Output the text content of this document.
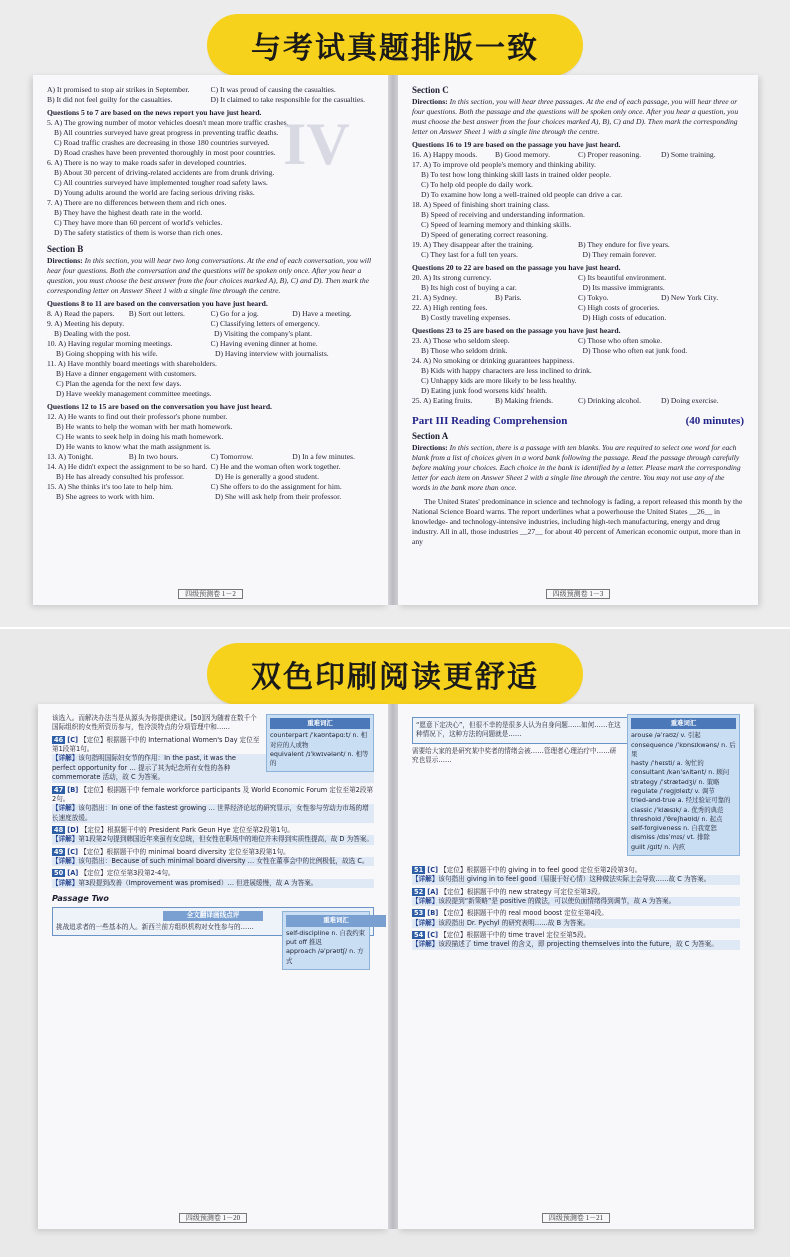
与考试真题排版一致
IV
A) It promised to stop air strikes in September.	C) It was proud of causing the casualties.
B) It did not feel guilty for the casualties.	D) It claimed to take responsible for the casualties.
Questions 5 to 7 are based on the news report you have just heard.
5. A) The growing number of motor vehicles doesn't mean more traffic crashes.
B) All countries surveyed have great progress in preventing traffic deaths.
C) Road traffic crashes are decreasing in those 180 countries surveyed.
D) Road crashes have been prevented thoroughly in most poor countries.
6. A) There is no way to make roads safer in developed countries.
B) About 30 percent of driving-related accidents are from drunk driving.
C) All countries surveyed have implemented tougher road safety laws.
D) Young adults around the world are facing serious driving risks.
7. A) There are no differences between them and rich ones.
B) They have the highest death rate in the world.
C) They have more than 60 percent of world's vehicles.
D) The safety statistics of them is worse than rich ones.
Section B
Directions: In this section, you will hear two long conversations. At the end of each conversation, you will hear four questions. Both the conversation and the questions will be spoken only once. After you hear a question, you must choose the best answer from the four choices marked A), B), C) and D). Then mark the corresponding letter on Answer Sheet 1 with a single line through the centre.
Questions 8 to 11 are based on the conversation you have just heard.
8. A) Read the papers.	B) Sort out letters.	C) Go for a jog.	D) Have a meeting.
9. A) Meeting his deputy.	C) Classifying letters of emergency.
B) Dealing with the post.	D) Visiting the company's plant.
10. A) Having regular morning meetings.	C) Having evening dinner at home.
B) Going shopping with his wife.	D) Having interview with journalists.
11. A) Have monthly board meetings with shareholders.
B) Have a dinner engagement with customers.
C) Plan the agenda for the next few days.
D) Have weekly management committee meetings.
Questions 12 to 15 are based on the conversation you have just heard.
12. A) He wants to find out their professor's phone number.
B) He wants to help the woman with her math homework.
C) He wants to seek help in doing his math homework.
D) He wants to know what the math assignment is.
13. A) Tonight.	B) In two hours.	C) Tomorrow.	D) In a few minutes.
14. A) He didn't expect the assignment to be so hard. C) He and the woman often work together.
B) He has already consulted his professor.	D) He is generally a good student.
15. A) She thinks it's too late to help him.	C) She offers to do the assignment for him.
B) She agrees to work with him.	D) She will ask help from their professor.
四级预测卷 1－2
Section C
Directions: In this section, you will hear three passages. At the end of each passage, you will hear three or four questions. Both the passage and the questions will be spoken only once. After you hear a question, you must choose the best answer from the four choices marked A), B), C) and D). Then mark the corresponding letter on Answer Sheet 1 with a single line through the centre.
Questions 16 to 19 are based on the passage you have just heard.
16. A) Happy moods.	B) Good memory.	C) Proper reasoning.	D) Some training.
17. A) To improve old people's memory and thinking ability.
B) To test how long thinking skill lasts in trained older people.
C) To help old people do daily work.
D) To examine how long a well-trained old people can drive a car.
18. A) Speed of finishing short training class.
B) Speed of receiving and understanding information.
C) Speed of learning memory and thinking skills.
D) Speed of generating correct reasoning.
19. A) They disappear after the training.	B) They endure for five years.
C) They last for a full ten years.	D) They remain forever.
Questions 20 to 22 are based on the passage you have just heard.
20. A) Its strong currency.	C) Its beautiful environment.
B) Its high cost of buying a car.	D) Its massive immigrants.
21. A) Sydney.	B) Paris.	C) Tokyo.	D) New York City.
22. A) High renting fees.	C) High costs of groceries.
B) Costly traveling expenses.	D) High costs of education.
Questions 23 to 25 are based on the passage you have just heard.
23. A) Those who seldom sleep.	C) Those who often smoke.
B) Those who seldom drink.	D) Those who often eat junk food.
24. A) No smoking or drinking guarantees happiness.
B) Kids with happy characters are less inclined to drink.
C) Unhappy kids are more likely to be less healthy.
D) Eating junk food worsens kids' health.
25. A) Eating fruits.	B) Making friends.	C) Drinking alcohol.	D) Doing exercise.
Part III Reading Comprehension	(40 minutes)
Section A
Directions: In this section, there is a passage with ten blanks. You are required to select one word for each blank from a list of choices given in a word bank following the passage. Read the passage through carefully before making your choices. Each choice in the bank is identified by a letter. Please mark the corresponding letter for each item on Answer Sheet 2 with a single line through the centre. You may not use any of the words in the bank more than once.
The United States' predominance in science and technology is fading, a report released this month by the National Science Board warns. The report underlines what a powerhouse the United States __26__ in knowledge- and technology-intensive industries, including high-tech manufacturing, energy and drug industry. All in all, those industries __27__ for about 40 percent of American economic output, more than in any
四级预测卷 1－3
双色印刷阅读更舒适
重难词汇
counterpart /ˈkaʊntəpɑːt/ n. 相对应的人或物
equivalent /ɪˈkwɪvələnt/ n. 相等的
该选入。而解决办法当是从源头为你提供建议。[50]因为随着在数千个国际组织的女性所资历参与，性冷淡特点的分项管理中和……
46 [C] 【定位】根据题干中的 International Women's Day 定位至第1段第1句。
【详解】该句指明国际妇女节的作用：In the past, it was the perfect opportunity for … 提示了其为纪念所有女性的各种 commemorate 活动，故 C 为答案。
47 [B] 【定位】根据题干中 female workforce participants 及 World Economic Forum 定位至第2段第2句。
【详解】该句指出：In one of the fastest growing … 世界经济论坛的研究显示，女性参与劳动力市场的增长速度放缓。
48 [D] 【定位】根据题干中的 President Park Geun Hye 定位至第2段第1句。
【详解】第1段第2句提到韩国近年来虽有女总统，但女性在职场中的地位并未得到实质性提高，故 D 为答案。
49 [C] 【定位】根据题干中的 minimal board diversity 定位至第3段第1句。
【详解】该句指出：Because of such minimal board diversity … 女性在董事会中的比例极低，故选 C。
50 [A] 【定位】定位至第3段第2-4句。
【详解】第3段提到改善（Improvement was promised）… 但进展缓慢，故 A 为答案。
Passage Two
重难词汇
self-discipline n. 自我约束
put off 推迟
approach /əˈprəʊtʃ/ n. 方式
全文翻译画线点评
挑战追求者的一些基本的人。新西兰前方组织机构对女性参与的……
四级预测卷 1－20
重难词汇
arouse /əˈraʊz/ v. 引起
consequence /ˈkɒnsɪkwəns/ n. 后果
hasty /ˈheɪsti/ a. 匆忙的
consultant /kənˈsʌltənt/ n. 顾问
strategy /ˈstrætədʒi/ n. 策略
regulate /ˈregjʊleɪt/ v. 调节
tried-and-true a. 经过验证可靠的
classic /ˈklæsɪk/ a. 优秀的典范
threshold /ˈθreʃhəʊld/ n. 起点
self-forgiveness n. 自我宽恕
dismiss /dɪsˈmɪs/ vt. 排除
guilt /ɡɪlt/ n. 内疚
“愿意下定决心”，但很不幸的是很多人认为自身问题……如何……在这种情况下，这种方法的问题就是……
需要给大家的是研究某中奖者的情绪会被……管理者心理治疗中……研究也显示……
51 [C] 【定位】根据题干中的 giving in to feel good 定位至第2段第3句。
【详解】该句指出 giving in to feel good（屈服于好心情）这种做法实际上会导致……故 C 为答案。
52 [A] 【定位】根据题干中的 new strategy 可定位至第3段。
【详解】该段提到“新策略”是 positive 的做法，可以使负面情绪得到调节，故 A 为答案。
53 [B] 【定位】根据题干中的 real mood boost 定位至第4段。
【详解】该段指出 Dr. Pychyl 的研究表明……故 B 为答案。
54 [C] 【定位】根据题干中的 time travel 定位至第5段。
【详解】该段描述了 time travel 的含义，即 projecting themselves into the future，故 C 为答案。
四级预测卷 1－21
